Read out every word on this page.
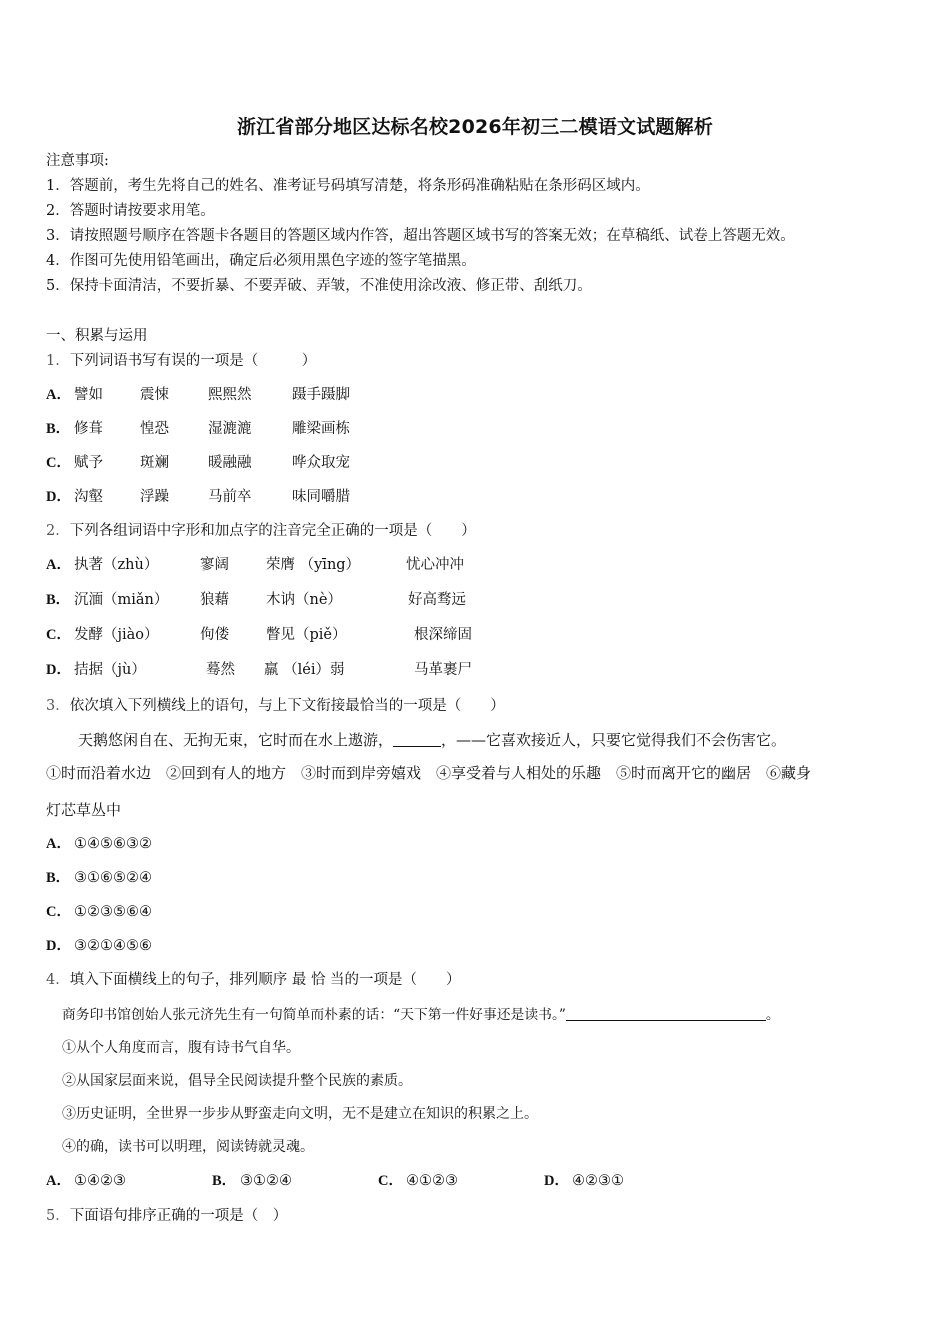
浙江省部分地区达标名校2026年初三二模语文试题解析
注意事项:
1．答题前，考生先将自己的姓名、准考证号码填写清楚，将条形码准确粘贴在条形码区域内。
2．答题时请按要求用笔。
3．请按照题号顺序在答题卡各题目的答题区域内作答，超出答题区域书写的答案无效；在草稿纸、试卷上答题无效。
4．作图可先使用铅笔画出，确定后必须用黑色字迹的签字笔描黑。
5．保持卡面清洁，不要折暴、不要弄破、弄皱，不准使用涂改液、修正带、刮纸刀。
一、积累与运用
1．下列词语书写有误的一项是（　　　）
A． 譬如	震悚	熙熙然	蹑手蹑脚
B． 修葺	惶恐	湿漉漉	雕梁画栋
C． 赋予	斑斓	暖融融	哗众取宠
D． 沟壑	浮躁	马前卒	味同嚼腊
2．下列各组词语中字形和加点字的注音完全正确的一项是（　　）
A． 执著（zhù）	寥阔	荣膺 （yīng）	忧心冲冲
B． 沉湎（miǎn） 狼藉	木讷（nè）	好高骛远
C． 发酵（jiào）	佝偻	瞥见（piě）	根深缔固
D． 拮据（jù）	蓦然 羸 （léi）弱	马革裹尸
3．依次填入下列横线上的语句，与上下文衔接最恰当的一项是（　　）
天鹅悠闲自在、无拘无束，它时而在水上遨游，	，——它喜欢接近人，只要它觉得我们不会伤害它。
①时而沿着水边　②回到有人的地方　③时而到岸旁嬉戏　④享受着与人相处的乐趣　⑤时而离开它的幽居　⑥藏身
灯芯草丛中
A． ①④⑤⑥③②
B． ③①⑥⑤②④
C． ①②③⑤⑥④
D． ③②①④⑤⑥
4．填入下面横线上的句子，排列顺序 最 恰 当的一项是（　　）
商务印书馆创始人张元济先生有一句简单而朴素的话：“天下第一件好事还是读书。”	。
①从个人角度而言，腹有诗书气自华。
②从国家层面来说，倡导全民阅读提升整个民族的素质。
③历史证明，全世界一步步从野蛮走向文明，无不是建立在知识的积累之上。
④的确，读书可以明理，阅读铸就灵魂。
A． ①④②③	B． ③①②④	C． ④①②③	D． ④②③①
5．下面语句排序正确的一项是（　）
